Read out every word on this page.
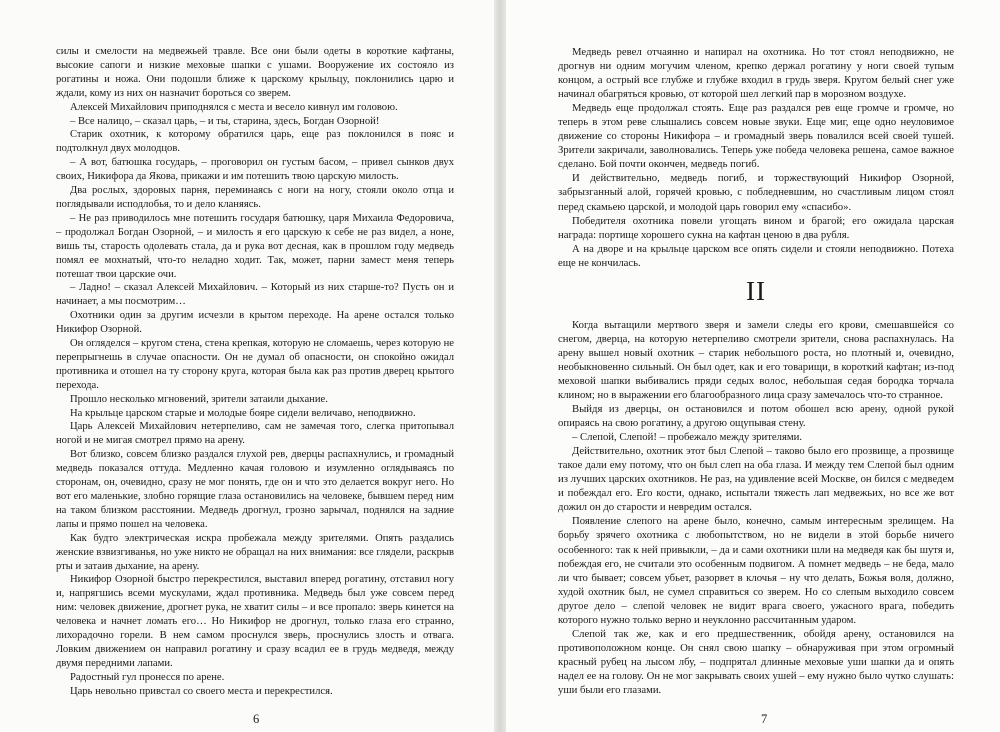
силы и смелости на медвежьей травле. Все они были одеты в короткие кафтаны, высокие сапоги и низкие меховые шапки с ушами. Вооружение их состояло из рогатины и ножа. Они подошли ближе к царскому крыльцу, поклонились царю и ждали, кому из них он назначит бороться со зверем.

Алексей Михайлович приподнялся с места и весело кивнул им головою.

– Все налицо, – сказал царь, – и ты, старина, здесь, Богдан Озорной!

Старик охотник, к которому обратился царь, еще раз поклонился в пояс и подтолкнул двух молодцов.

– А вот, батюшка государь, – проговорил он густым басом, – привел сынков двух своих, Никифора да Якова, прикажи и им потешить твою царскую милость.

Два рослых, здоровых парня, переминаясь с ноги на ногу, стояли около отца и поглядывали исподлобья, то и дело кланяясь.

– Не раз приводилось мне потешить государя батюшку, царя Михаила Федоровича, – продолжал Богдан Озорной, – и милость я его царскую к себе не раз видел, а ноне, вишь ты, старость одолевать стала, да и рука вот десная, как в прошлом году медведь помял ее мохнатый, что-то неладно ходит. Так, может, парни замест меня теперь потешат твои царские очи.

– Ладно! – сказал Алексей Михайлович. – Который из них старше-то? Пусть он и начинает, а мы посмотрим…

Охотники один за другим исчезли в крытом переходе. На арене остался только Никифор Озорной.

Он огляделся – кругом стена, стена крепкая, которую не сломаешь, через которую не перепрыгнешь в случае опасности. Он не думал об опасности, он спокойно ожидал противника и отошел на ту сторону круга, которая была как раз против дверец крытого перехода.

Прошло несколько мгновений, зрители затаили дыхание.

На крыльце царском старые и молодые бояре сидели величаво, неподвижно.

Царь Алексей Михайлович нетерпеливо, сам не замечая того, слегка притопывал ногой и не мигая смотрел прямо на арену.

Вот близко, совсем близко раздался глухой рев, дверцы распахнулись, и громадный медведь показался оттуда. Медленно качая головою и изумленно оглядываясь по сторонам, он, очевидно, сразу не мог понять, где он и что это делается вокруг него. Но вот его маленькие, злобно горящие глаза остановились на человеке, бывшем перед ним на таком близком расстоянии. Медведь дрогнул, грозно зарычал, поднялся на задние лапы и прямо пошел на человека.

Как будто электрическая искра пробежала между зрителями. Опять раздались женские взвизгиванья, но уже никто не обращал на них внимания: все глядели, раскрыв рты и затаив дыхание, на арену.

Никифор Озорной быстро перекрестился, выставил вперед рогатину, отставил ногу и, напрягшись всеми мускулами, ждал противника. Медведь был уже совсем перед ним: человек движение, дрогнет рука, не хватит силы – и все пропало: зверь кинется на человека и начнет ломать его… Но Никифор не дрогнул, только глаза его странно, лихорадочно горели. В нем самом проснулся зверь, проснулись злость и отвага. Ловким движением он направил рогатину и сразу всадил ее в грудь медведя, между двумя передними лапами.

Радостный гул пронесся по арене.

Царь невольно привстал со своего места и перекрестился.

6

Медведь ревел отчаянно и напирал на охотника. Но тот стоял неподвижно, не дрогнув ни одним могучим членом, крепко держал рогатину у ноги своей тупым концом, а острый все глубже и глубже входил в грудь зверя. Кругом белый снег уже начинал обагряться кровью, от которой шел легкий пар в морозном воздухе.

Медведь еще продолжал стоять. Еще раз раздался рев еще громче и громче, но теперь в этом реве слышались совсем новые звуки. Еще миг, еще одно неуловимое движение со стороны Никифора – и громадный зверь повалился всей своей тушей. Зрители закричали, заволновались. Теперь уже победа человека решена, самое важное сделано. Бой почти окончен, медведь погиб.

И действительно, медведь погиб, и торжествующий Никифор Озорной, забрызганный алой, горячей кровью, с побледневшим, но счастливым лицом стоял перед скамьею царской, и молодой царь говорил ему «спасибо».

Победителя охотника повели угощать вином и брагой; его ожидала царская награда: портище хорошего сукна на кафтан ценою в два рубля.

А на дворе и на крыльце царском все опять сидели и стояли неподвижно. Потеха еще не кончилась.

II

Когда вытащили мертвого зверя и замели следы его крови, смешавшейся со снегом, дверца, на которую нетерпеливо смотрели зрители, снова распахнулась. На арену вышел новый охотник – старик небольшого роста, но плотный и, очевидно, необыкновенно сильный. Он был одет, как и его товарищи, в короткий кафтан; из-под меховой шапки выбивались пряди седых волос, небольшая седая бородка торчала клином; но в выражении его благообразного лица сразу замечалось что-то странное.

Выйдя из дверцы, он остановился и потом обошел всю арену, одной рукой опираясь на свою рогатину, а другою ощупывая стену.

– Слепой, Слепой! – пробежало между зрителями.

Действительно, охотник этот был Слепой – таково было его прозвище, а прозвище такое дали ему потому, что он был слеп на оба глаза. И между тем Слепой был одним из лучших царских охотников. Не раз, на удивление всей Москве, он бился с медведем и побеждал его. Его кости, однако, испытали тяжесть лап медвежьих, но все же вот дожил он до старости и невредим остался.

Появление слепого на арене было, конечно, самым интересным зрелищем. На борьбу зрячего охотника с любопытством, но не видели в этой борьбе ничего особенного: так к ней привыкли, – да и сами охотники шли на медведя как бы шутя и, побеждая его, не считали это особенным подвигом. А помнет медведь – не беда, мало ли что бывает; совсем убьет, разорвет в клочья – ну что делать, Божья воля, должно, худой охотник был, не сумел справиться со зверем. Но со слепым выходило совсем другое дело – слепой человек не видит врага своего, ужасного врага, победить которого нужно только верно и неуклонно рассчитанным ударом.

Слепой так же, как и его предшественник, обойдя арену, остановился на противоположном конце. Он снял свою шапку – обнаруживая при этом огромный красный рубец на лысом лбу, – подпрятал длинные меховые уши шапки да и опять надел ее на голову. Он не мог закрывать своих ушей – ему нужно было чутко слушать: уши были его глазами.

7
